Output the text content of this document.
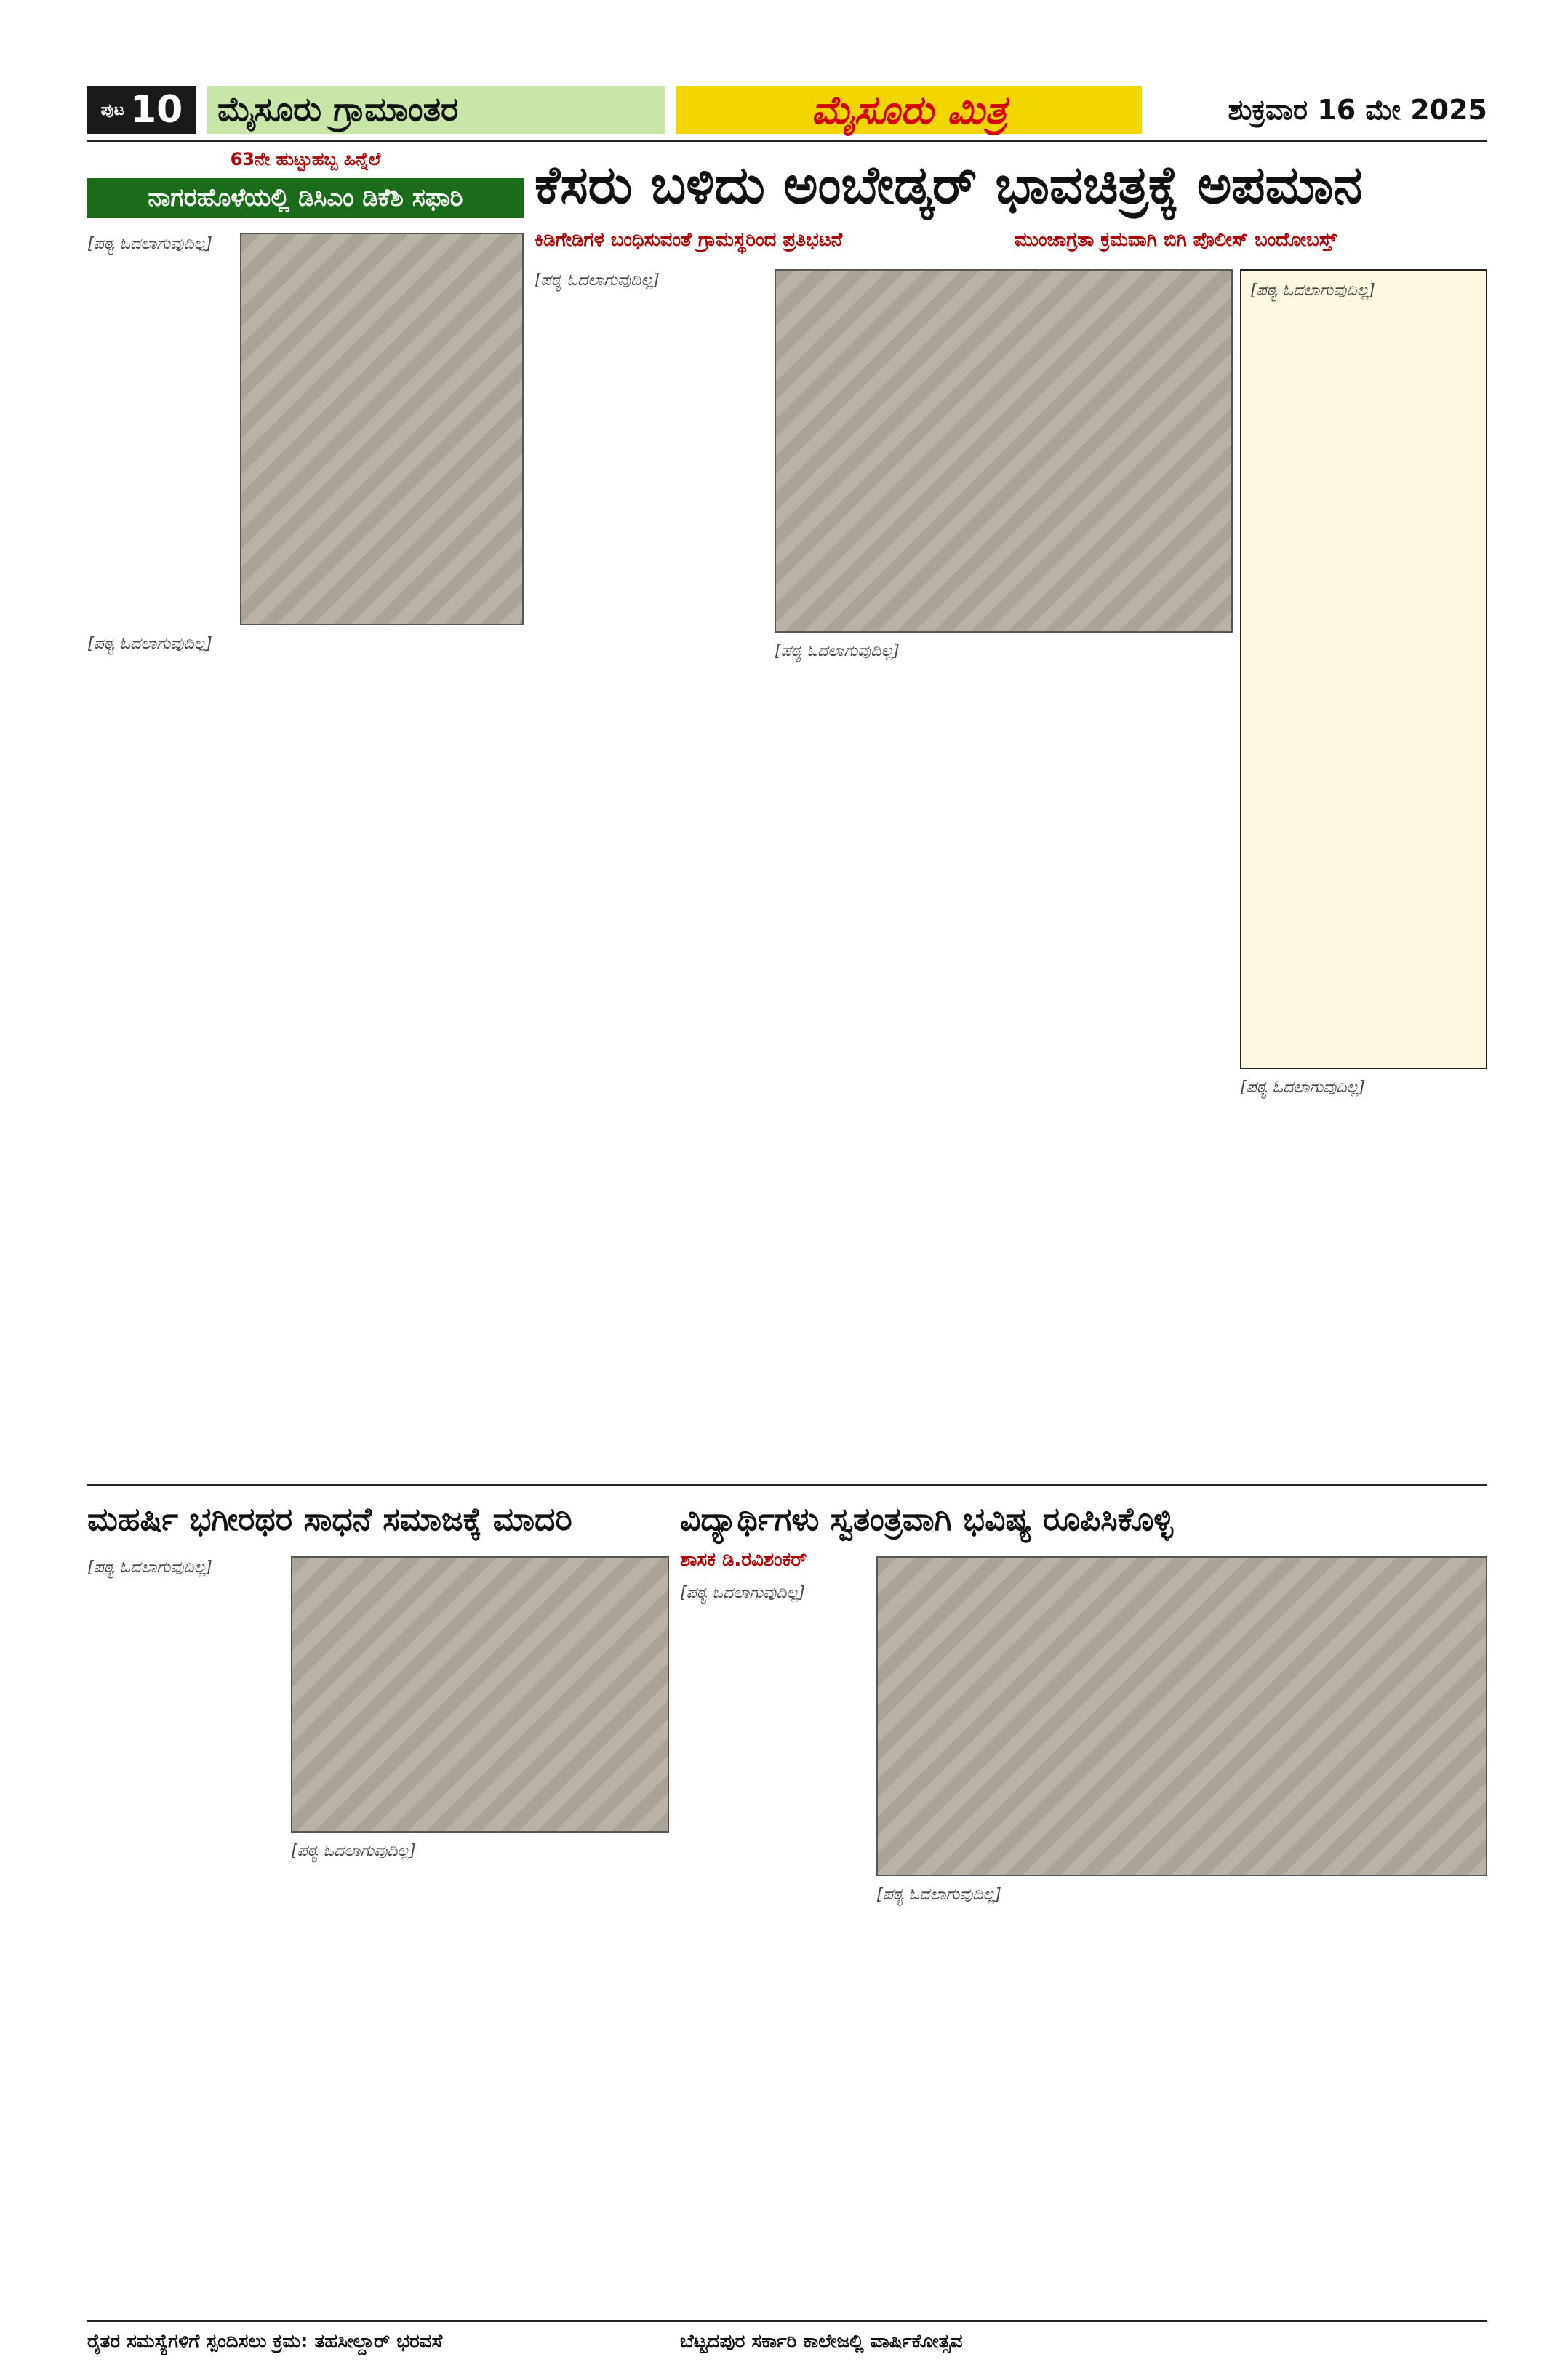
ಪುಟ 10	ಮೈಸೂರು ಗ್ರಾಮಾಂತರ	ಮೈಸೂರು ಮಿತ್ರ	ಶುಕ್ರವಾರ 16 ಮೇ 2025
63ನೇ ಹುಟ್ಟುಹಬ್ಬ ಹಿನ್ನೆಲೆ
ನಾಗರಹೊಳೆಯಲ್ಲಿ ಡಿಸಿಎಂ ಡಿಕೆಶಿ ಸಫಾರಿ
[ಪಠ್ಯ ಓದಲಾಗುವುದಿಲ್ಲ]
[ಪಠ್ಯ ಓದಲಾಗುವುದಿಲ್ಲ]
ಕೆಸರು ಬಳಿದು ಅಂಬೇಡ್ಕರ್ ಭಾವಚಿತ್ರಕ್ಕೆ ಅಪಮಾನ
ಕಿಡಿಗೇಡಿಗಳ ಬಂಧಿಸುವಂತೆ ಗ್ರಾಮಸ್ಥರಿಂದ ಪ್ರತಿಭಟನೆ	ಮುಂಜಾಗ್ರತಾ ಕ್ರಮವಾಗಿ ಬಿಗಿ ಪೊಲೀಸ್ ಬಂದೋಬಸ್ತ್
[ಪಠ್ಯ ಓದಲಾಗುವುದಿಲ್ಲ]
[ಪಠ್ಯ ಓದಲಾಗುವುದಿಲ್ಲ]
[ಪಠ್ಯ ಓದಲಾಗುವುದಿಲ್ಲ]
[ಪಠ್ಯ ಓದಲಾಗುವುದಿಲ್ಲ]
ಮಹರ್ಷಿ ಭಗೀರಥರ ಸಾಧನೆ ಸಮಾಜಕ್ಕೆ ಮಾದರಿ
[ಪಠ್ಯ ಓದಲಾಗುವುದಿಲ್ಲ]
[ಪಠ್ಯ ಓದಲಾಗುವುದಿಲ್ಲ]
ವಿದ್ಯಾರ್ಥಿಗಳು ಸ್ವತಂತ್ರವಾಗಿ ಭವಿಷ್ಯ ರೂಪಿಸಿಕೊಳ್ಳಿ
ಶಾಸಕ ಡಿ.ರವಿಶಂಕರ್
[ಪಠ್ಯ ಓದಲಾಗುವುದಿಲ್ಲ]
[ಪಠ್ಯ ಓದಲಾಗುವುದಿಲ್ಲ]
ರೈತರ ಸಮಸ್ಯೆಗಳಿಗೆ ಸ್ಪಂದಿಸಲು ಕ್ರಮ: ತಹಸೀಲ್ದಾರ್ ಭರವಸೆ	ಬೆಟ್ಟದಪುರ ಸರ್ಕಾರಿ ಕಾಲೇಜಲ್ಲಿ ವಾರ್ಷಿಕೋತ್ಸವ
